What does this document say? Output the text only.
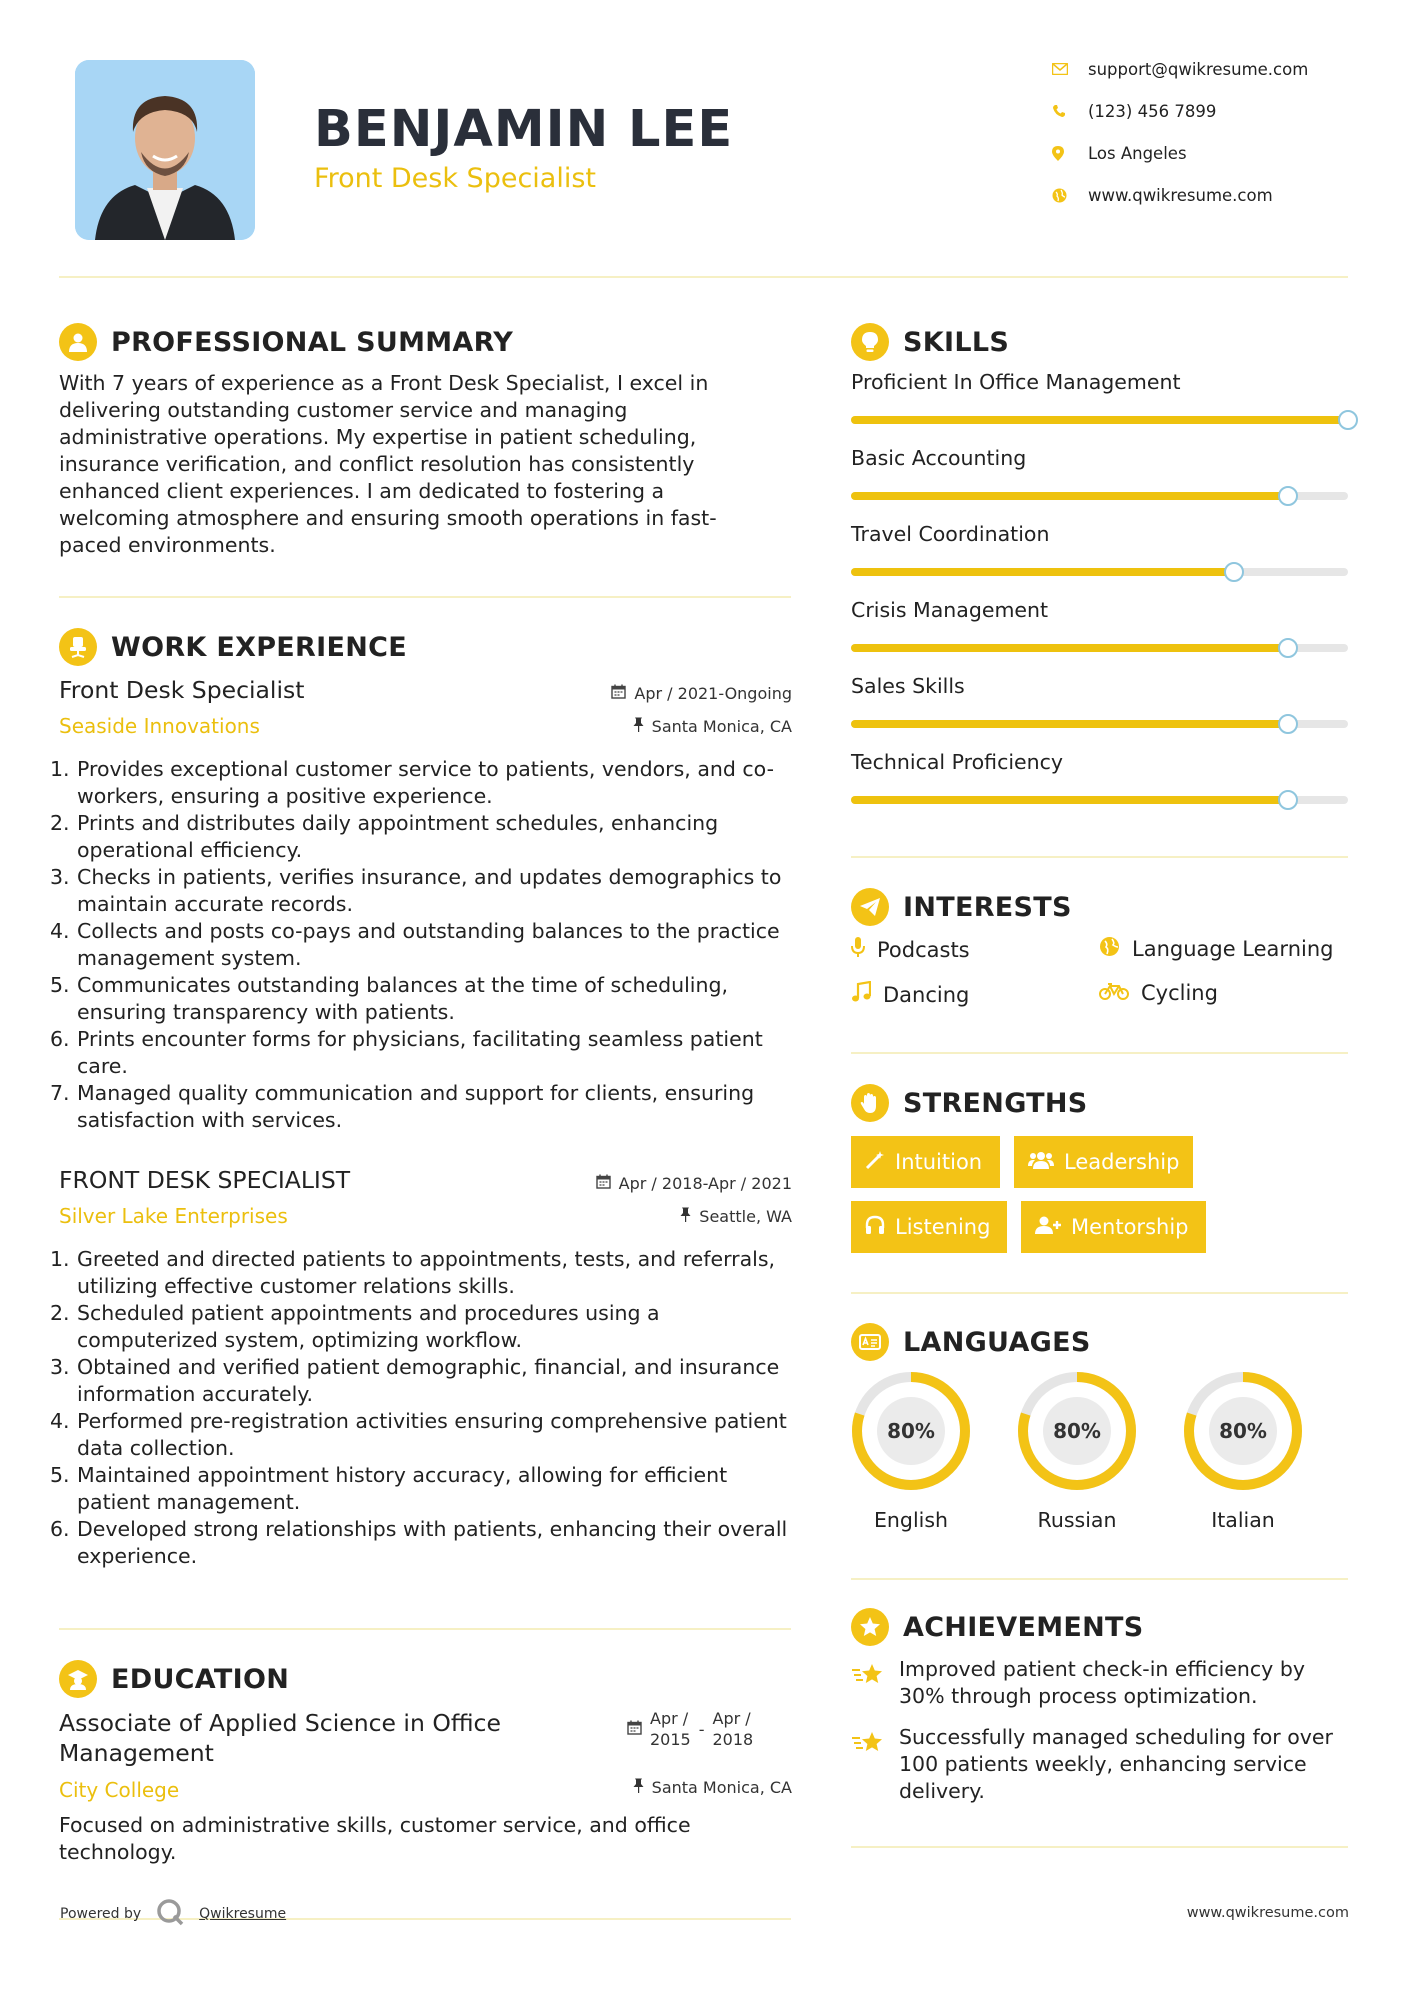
BENJAMIN LEE
Front Desk Specialist
support@qwikresume.com
(123) 456 7899
Los Angeles
www.qwikresume.com
PROFESSIONAL SUMMARY
With 7 years of experience as a Front Desk Specialist, I excel in delivering outstanding customer service and managing administrative operations. My expertise in patient scheduling, insurance verification, and conflict resolution has consistently enhanced client experiences. I am dedicated to fostering a welcoming atmosphere and ensuring smooth operations in fast-paced environments.
WORK EXPERIENCE
Front Desk Specialist	Apr / 2021-Ongoing
Seaside Innovations	Santa Monica, CA
1. Provides exceptional customer service to patients, vendors, and co-workers, ensuring a positive experience.
2. Prints and distributes daily appointment schedules, enhancing operational efficiency.
3. Checks in patients, verifies insurance, and updates demographics to maintain accurate records.
4. Collects and posts co-pays and outstanding balances to the practice management system.
5. Communicates outstanding balances at the time of scheduling, ensuring transparency with patients.
6. Prints encounter forms for physicians, facilitating seamless patient care.
7. Managed quality communication and support for clients, ensuring satisfaction with services.
FRONT DESK SPECIALIST	Apr / 2018-Apr / 2021
Silver Lake Enterprises	Seattle, WA
1. Greeted and directed patients to appointments, tests, and referrals, utilizing effective customer relations skills.
2. Scheduled patient appointments and procedures using a computerized system, optimizing workflow.
3. Obtained and verified patient demographic, financial, and insurance information accurately.
4. Performed pre-registration activities ensuring comprehensive patient data collection.
5. Maintained appointment history accuracy, allowing for efficient patient management.
6. Developed strong relationships with patients, enhancing their overall experience.
EDUCATION
Associate of Applied Science in Office Management
Apr /
2015
-
Apr /
2018
City College	Santa Monica, CA
Focused on administrative skills, customer service, and office technology.
SKILLS
Proficient In Office Management
Basic Accounting
Travel Coordination
Crisis Management
Sales Skills
Technical Proficiency
INTERESTS
Podcasts	Language Learning
Dancing	Cycling
STRENGTHS
Intuition	Leadership
Listening	Mentorship
LANGUAGES
80%
English
80%
Russian
80%
Italian
ACHIEVEMENTS
Improved patient check-in efficiency by 30% through process optimization.
Successfully managed scheduling for over 100 patients weekly, enhancing service delivery.
Powered by	Qwikresume	www.qwikresume.com
